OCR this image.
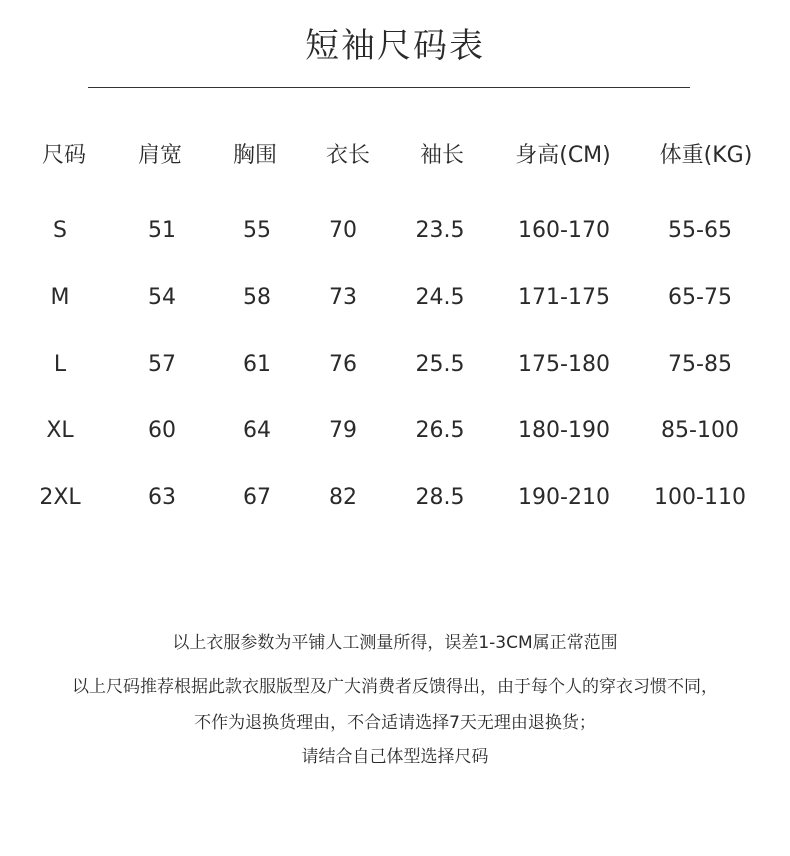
短袖尺码表
尺码	肩宽	胸围	衣长	袖长	身高(CM)	体重(KG)
S	51	55	70	23.5	160-170	55-65
M	54	58	73	24.5	171-175	65-75
L	57	61	76	25.5	175-180	75-85
XL	60	64	79	26.5	180-190	85-100
2XL	63	67	82	28.5	190-210	100-110
以上衣服参数为平铺人工测量所得，误差1-3CM属正常范围
以上尺码推荐根据此款衣服版型及广大消费者反馈得出，由于每个人的穿衣习惯不同，
不作为退换货理由，不合适请选择7天无理由退换货；
请结合自己体型选择尺码
